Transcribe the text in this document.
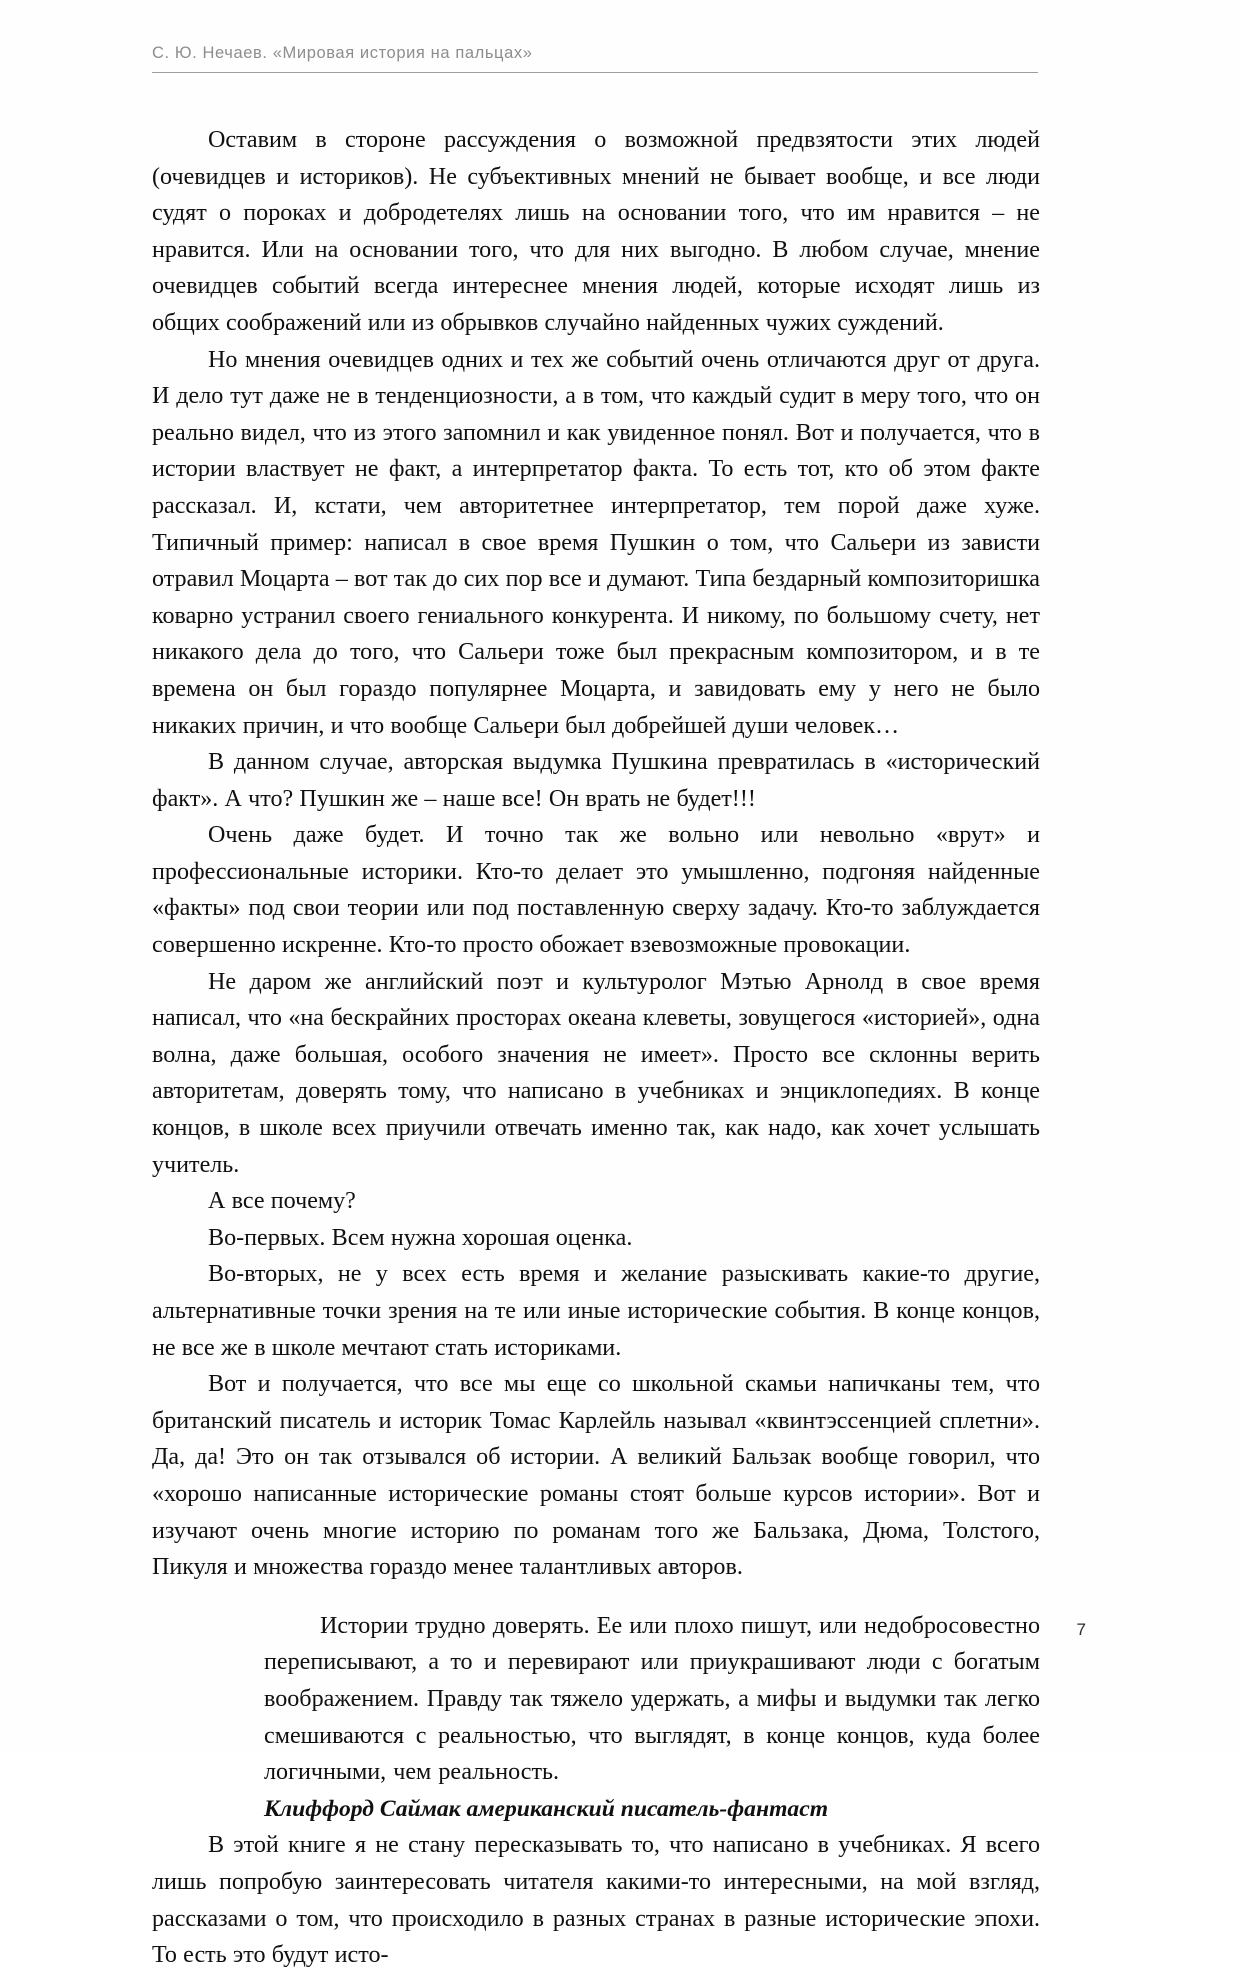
С. Ю. Нечаев. «Мировая история на пальцах»

Оставим в стороне рассуждения о возможной предвзятости этих людей (очевидцев и историков). Не субъективных мнений не бывает вообще, и все люди судят о пороках и добродетелях лишь на основании того, что им нравится – не нравится. Или на основании того, что для них выгодно. В любом случае, мнение очевидцев событий всегда интереснее мнения людей, которые исходят лишь из общих соображений или из обрывков случайно найденных чужих суждений.

Но мнения очевидцев одних и тех же событий очень отличаются друг от друга. И дело тут даже не в тенденциозности, а в том, что каждый судит в меру того, что он реально видел, что из этого запомнил и как увиденное понял. Вот и получается, что в истории властвует не факт, а интерпретатор факта. То есть тот, кто об этом факте рассказал. И, кстати, чем авторитетнее интерпретатор, тем порой даже хуже. Типичный пример: написал в свое время Пушкин о том, что Сальери из зависти отравил Моцарта – вот так до сих пор все и думают. Типа бездарный композиторишка коварно устранил своего гениального конкурента. И никому, по большому счету, нет никакого дела до того, что Сальери тоже был прекрасным композитором, и в те времена он был гораздо популярнее Моцарта, и завидовать ему у него не было никаких причин, и что вообще Сальери был добрейшей души человек…

В данном случае, авторская выдумка Пушкина превратилась в «исторический факт». А что? Пушкин же – наше все! Он врать не будет!!!

Очень даже будет. И точно так же вольно или невольно «врут» и профессиональные историки. Кто-то делает это умышленно, подгоняя найденные «факты» под свои теории или под поставленную сверху задачу. Кто-то заблуждается совершенно искренне. Кто-то просто обожает взевозможные провокации.

Не даром же английский поэт и культуролог Мэтью Арнолд в свое время написал, что «на бескрайних просторах океана клеветы, зовущегося «историей», одна волна, даже большая, особого значения не имеет». Просто все склонны верить авторитетам, доверять тому, что написано в учебниках и энциклопедиях. В конце концов, в школе всех приучили отвечать именно так, как надо, как хочет услышать учитель.

А все почему?

Во-первых. Всем нужна хорошая оценка.

Во-вторых, не у всех есть время и желание разыскивать какие-то другие, альтернативные точки зрения на те или иные исторические события. В конце концов, не все же в школе мечтают стать историками.

Вот и получается, что все мы еще со школьной скамьи напичканы тем, что британский писатель и историк Томас Карлейль называл «квинтэссенцией сплетни». Да, да! Это он так отзывался об истории. А великий Бальзак вообще говорил, что «хорошо написанные исторические романы стоят больше курсов истории». Вот и изучают очень многие историю по романам того же Бальзака, Дюма, Толстого, Пикуля и множества гораздо менее талантливых авторов.

Истории трудно доверять. Ее или плохо пишут, или недобросовестно переписывают, а то и перевирают или приукрашивают люди с богатым воображением. Правду так тяжело удержать, а мифы и выдумки так легко смешиваются с реальностью, что выглядят, в конце концов, куда более логичными, чем реальность.

Клиффорд Саймак американский писатель-фантаст

В этой книге я не стану пересказывать то, что написано в учебниках. Я всего лишь попробую заинтересовать читателя какими-то интересными, на мой взгляд, рассказами о том, что происходило в разных странах в разные исторические эпохи. То есть это будут исто-

7
